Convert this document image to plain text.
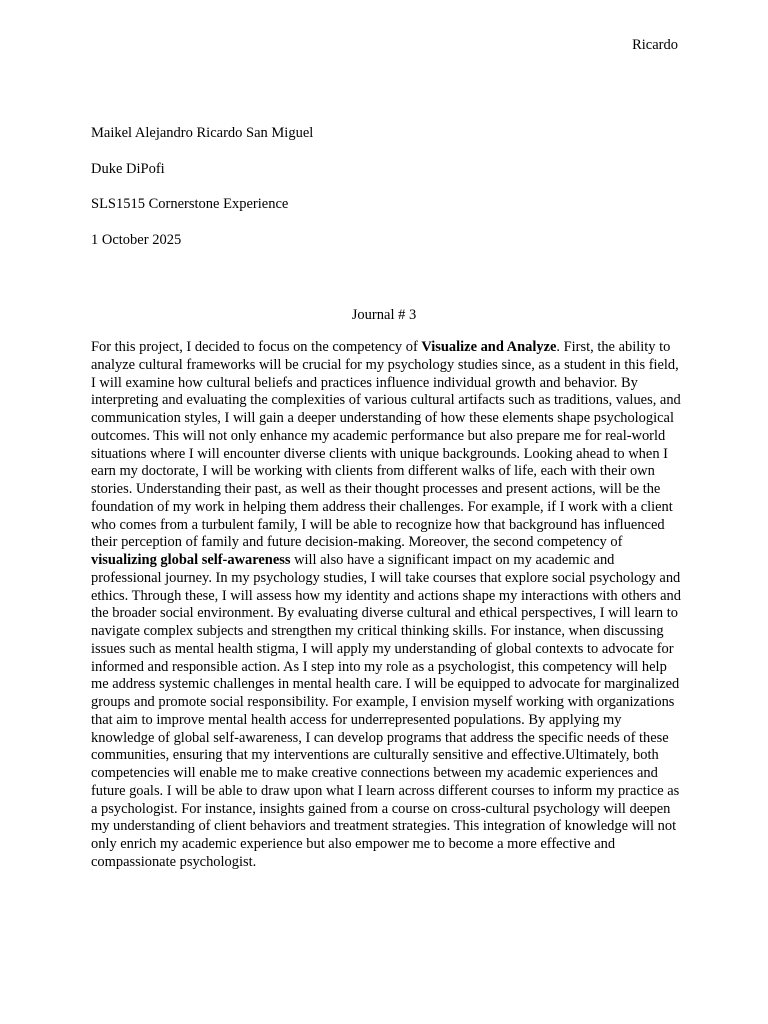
Ricardo
Maikel Alejandro Ricardo San Miguel
Duke DiPofi
SLS1515 Cornerstone Experience
1 October 2025
Journal # 3

For this project, I decided to focus on the competency of Visualize and Analyze. First, the ability to analyze cultural frameworks will be crucial for my psychology studies since, as a student in this field, I will examine how cultural beliefs and practices influence individual growth and behavior. By interpreting and evaluating the complexities of various cultural artifacts such as traditions, values, and communication styles, I will gain a deeper understanding of how these elements shape psychological outcomes. This will not only enhance my academic performance but also prepare me for real-world situations where I will encounter diverse clients with unique backgrounds. Looking ahead to when I earn my doctorate, I will be working with clients from different walks of life, each with their own stories. Understanding their past, as well as their thought processes and present actions, will be the foundation of my work in helping them address their challenges. For example, if I work with a client who comes from a turbulent family, I will be able to recognize how that background has influenced their perception of family and future decision-making. Moreover, the second competency of visualizing global self-awareness will also have a significant impact on my academic and professional journey. In my psychology studies, I will take courses that explore social psychology and ethics. Through these, I will assess how my identity and actions shape my interactions with others and the broader social environment. By evaluating diverse cultural and ethical perspectives, I will learn to navigate complex subjects and strengthen my critical thinking skills. For instance, when discussing issues such as mental health stigma, I will apply my understanding of global contexts to advocate for informed and responsible action. As I step into my role as a psychologist, this competency will help me address systemic challenges in mental health care. I will be equipped to advocate for marginalized groups and promote social responsibility. For example, I envision myself working with organizations that aim to improve mental health access for underrepresented populations. By applying my knowledge of global self-awareness, I can develop programs that address the specific needs of these communities, ensuring that my interventions are culturally sensitive and effective.Ultimately, both competencies will enable me to make creative connections between my academic experiences and future goals. I will be able to draw upon what I learn across different courses to inform my practice as a psychologist. For instance, insights gained from a course on cross-cultural psychology will deepen my understanding of client behaviors and treatment strategies. This integration of knowledge will not only enrich my academic experience but also empower me to become a more effective and compassionate psychologist.
